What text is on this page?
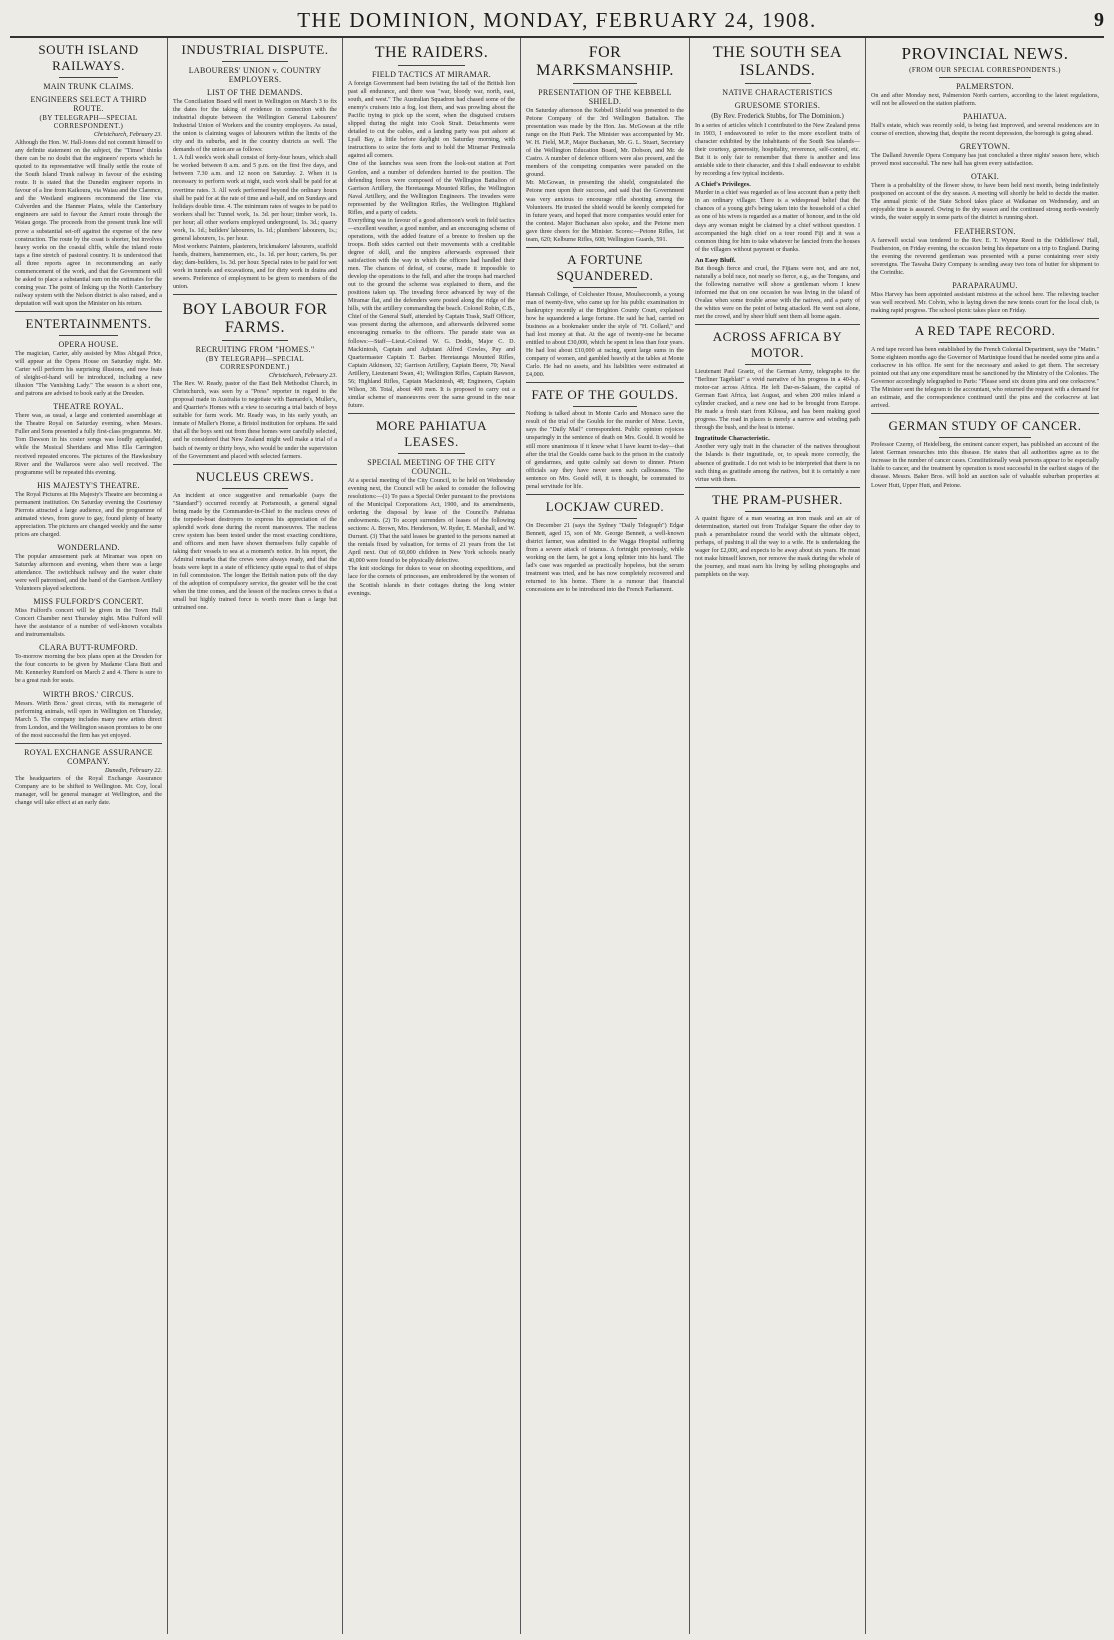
THE DOMINION, MONDAY, FEBRUARY 24, 1908.	9
SOUTH ISLAND RAILWAYS.
MAIN TRUNK CLAIMS.
ENGINEERS SELECT A THIRD ROUTE.
(BY TELEGRAPH—SPECIAL CORRESPONDENT.)
Christchurch, February 23.

Although the Hon. W. Hall-Jones did not commit himself to any definite statement on the subject, the "Times" thinks there can be no doubt that the engineers' reports which he quoted to its representative will finally settle the route of the South Island Trunk railway in favour of the existing route. It is stated that the Dunedin engineer reports in favour of a line from Kaikoura, via Waiau and the Clarence, and the Westland engineers recommend the line via Culverden and the Hanmer Plains, while the Canterbury engineers are said to favour the Amuri route through the Waiau gorge. The proceeds from the present trunk line will prove a substantial set-off against the expense of the new construction. The route by the coast is shorter, but involves heavy works on the coastal cliffs, while the inland route taps a fine stretch of pastoral country. It is understood that all three reports agree in recommending an early commencement of the work, and that the Government will be asked to place a substantial sum on the estimates for the coming year. The point of linking up the North Canterbury railway system with the Nelson district is also raised, and a deputation will wait upon the Minister on his return.

ENTERTAINMENTS.
OPERA HOUSE.

The magician, Carter, ably assisted by Miss Abigail Price, will appear at the Opera House on Saturday night. Mr. Carter will perform his surprising illusions, and new feats of sleight-of-hand will be introduced, including a new illusion "The Vanishing Lady." The season is a short one, and patrons are advised to book early at the Dresden.

THEATRE ROYAL.

There was, as usual, a large and contented assemblage at the Theatre Royal on Saturday evening, when Messrs. Fuller and Sons presented a fully first-class programme. Mr. Tom Dawson in his coster songs was loudly applauded, while the Musical Sheridans and Miss Ella Carrington received repeated encores. The pictures of the Hawkesbury River and the Wallaroos were also well received. The programme will be repeated this evening.

HIS MAJESTY'S THEATRE.

The Royal Pictures at His Majesty's Theatre are becoming a permanent institution. On Saturday evening the Courtenay Pierrots attracted a large audience, and the programme of animated views, from grave to gay, found plenty of hearty appreciation. The pictures are changed weekly and the same prices are charged.

WONDERLAND.

The popular amusement park at Miramar was open on Saturday afternoon and evening, when there was a large attendance. The switchback railway and the water chute were well patronised, and the band of the Garrison Artillery Volunteers played selections.

MISS FULFORD'S CONCERT.

Miss Fulford's concert will be given in the Town Hall Concert Chamber next Thursday night. Miss Fulford will have the assistance of a number of well-known vocalists and instrumentalists.

CLARA BUTT-RUMFORD.

To-morrow morning the box plans open at the Dresden for the four concerts to be given by Madame Clara Butt and Mr. Kennerley Rumford on March 2 and 4. There is sure to be a great rush for seats.

WIRTH BROS.' CIRCUS.

Messrs. Wirth Bros.' great circus, with its menagerie of performing animals, will open in Wellington on Thursday, March 5. The company includes many new artists direct from London, and the Wellington season promises to be one of the most successful the firm has yet enjoyed.

ROYAL EXCHANGE ASSURANCE COMPANY.
Dunedin, February 22.

The headquarters of the Royal Exchange Assurance Company are to be shifted to Wellington. Mr. Coy, local manager, will be general manager at Wellington, and the change will take effect at an early date.

INDUSTRIAL DISPUTE.
LABOURERS' UNION v. COUNTRY EMPLOYERS.
LIST OF THE DEMANDS.

The Conciliation Board will meet in Wellington on March 3 to fix the dates for the taking of evidence in connection with the industrial dispute between the Wellington General Labourers' Industrial Union of Workers and the country employers. As usual, the union is claiming wages of labourers within the limits of the city and its suburbs, and in the country districts as well. The demands of the union are as follows:

1. A full week's work shall consist of forty-four hours, which shall be worked between 8 a.m. and 5 p.m. on the first five days, and between 7.30 a.m. and 12 noon on Saturday. 2. When it is necessary to perform work at night, such work shall be paid for at overtime rates. 3. All work performed beyond the ordinary hours shall be paid for at the rate of time and a-half, and on Sundays and holidays double time. 4. The minimum rates of wages to be paid to workers shall be: Tunnel work, 1s. 3d. per hour; timber work, 1s. per hour; all other workers employed underground, 1s. 3d.; quarry work, 1s. 1d.; builders' labourers, 1s. 1d.; plumbers' labourers, 1s.; general labourers, 1s. per hour.

Most workers: Painters, plasterers, brickmakers' labourers, scaffold hands, drainers, hammermen, etc., 1s. 1d. per hour; carters, 9s. per day; dam-builders, 1s. 3d. per hour. Special rates to be paid for wet work in tunnels and excavations, and for dirty work in drains and sewers. Preference of employment to be given to members of the union.

BOY LABOUR FOR FARMS.
RECRUITING FROM "HOMES."
(BY TELEGRAPH—SPECIAL CORRESPONDENT.)
Christchurch, February 23.

The Rev. W. Ready, pastor of the East Belt Methodist Church, in Christchurch, was seen by a "Press" reporter in regard to the proposal made in Australia to negotiate with Barnardo's, Muller's, and Quarrier's Homes with a view to securing a trial batch of boys suitable for farm work. Mr. Ready was, in his early youth, an inmate of Muller's Home, a Bristol institution for orphans. He said that all the boys sent out from these homes were carefully selected, and he considered that New Zealand might well make a trial of a batch of twenty or thirty boys, who would be under the supervision of the Government and placed with selected farmers.

NUCLEUS CREWS.

An incident at once suggestive and remarkable (says the "Standard") occurred recently at Portsmouth, a general signal being made by the Commander-in-Chief to the nucleus crews of the torpedo-boat destroyers to express his appreciation of the splendid work done during the recent manoeuvres. The nucleus crew system has been tested under the most exacting conditions, and officers and men have shown themselves fully capable of taking their vessels to sea at a moment's notice. In his report, the Admiral remarks that the crews were always ready, and that the boats were kept in a state of efficiency quite equal to that of ships in full commission. The longer the British nation puts off the day of the adoption of compulsory service, the greater will be the cost when the time comes, and the lesson of the nucleus crews is that a small but highly trained force is worth more than a large but untrained one.

THE RAIDERS.
FIELD TACTICS AT MIRAMAR.

A foreign Government had been twisting the tail of the British lion past all endurance, and there was "war, bloody war, north, east, south, and west." The Australian Squadron had chased some of the enemy's cruisers into a fog, lost them, and was prowling about the Pacific trying to pick up the scent, when the disguised cruisers slipped during the night into Cook Strait. Detachments were detailed to cut the cables, and a landing party was put ashore at Lyall Bay, a little before daylight on Saturday morning, with instructions to seize the forts and to hold the Miramar Peninsula against all comers.

One of the launches was seen from the look-out station at Fort Gordon, and a number of defenders hurried to the position. The defending forces were composed of the Wellington Battalion of Garrison Artillery, the Heretaunga Mounted Rifles, the Wellington Naval Artillery, and the Wellington Engineers. The invaders were represented by the Wellington Rifles, the Wellington Highland Rifles, and a party of cadets.

Everything was in favour of a good afternoon's work in field tactics—excellent weather, a good number, and an encouraging scheme of operations, with the added feature of a breeze to freshen up the troops. Both sides carried out their movements with a creditable degree of skill, and the umpires afterwards expressed their satisfaction with the way in which the officers had handled their men. The chances of defeat, of course, made it impossible to develop the operations to the full, and after the troops had marched out to the ground the scheme was explained to them, and the positions taken up. The invading force advanced by way of the Miramar flat, and the defenders were posted along the ridge of the hills, with the artillery commanding the beach. Colonel Robin, C.B., Chief of the General Staff, attended by Captain Trask, Staff Officer, was present during the afternoon, and afterwards delivered some encouraging remarks to the officers. The parade state was as follows:—Staff—Lieut.-Colonel W. G. Dodds, Major C. D. Mackintosh, Captain and Adjutant Alfred Cowles, Pay and Quartermaster Captain T. Barber. Heretaunga Mounted Rifles, Captain Atkinson, 32; Garrison Artillery, Captain Beere, 70; Naval Artillery, Lieutenant Swan, 41; Wellington Rifles, Captain Rawson, 56; Highland Rifles, Captain Mackintosh, 48; Engineers, Captain Wilson, 38. Total, about 400 men. It is proposed to carry out a similar scheme of manoeuvres over the same ground in the near future.

MORE PAHIATUA LEASES.
SPECIAL MEETING OF THE CITY COUNCIL.

At a special meeting of the City Council, to be held on Wednesday evening next, the Council will be asked to consider the following resolutions:—(1) To pass a Special Order pursuant to the provisions of the Municipal Corporations Act, 1900, and its amendments, ordering the disposal by lease of the Council's Pahiatua endowments. (2) To accept surrenders of leases of the following sections: A. Brown, Mrs. Henderson, W. Ryder, E. Marshall, and W. Durrant. (3) That the said leases be granted to the persons named at the rentals fixed by valuation, for terms of 21 years from the 1st April next. Out of 60,000 children in New York schools nearly 40,000 were found to be physically defective.

The knit stockings for dukes to wear on shooting expeditions, and lace for the cornets of princesses, are embroidered by the women of the Scottish islands in their cottages during the long winter evenings.

FOR MARKSMANSHIP.
PRESENTATION OF THE KEBBELL SHIELD.

On Saturday afternoon the Kebbell Shield was presented to the Petone Company of the 3rd Wellington Battalion. The presentation was made by the Hon. Jas. McGowan at the rifle range on the Hutt Park. The Minister was accompanied by Mr. W. H. Field, M.P., Major Buchanan, Mr. G. L. Stuart, Secretary of the Wellington Education Board, Mr. Dobson, and Mr. de Castro. A number of defence officers were also present, and the members of the competing companies were paraded on the ground.

Mr. McGowan, in presenting the shield, congratulated the Petone men upon their success, and said that the Government was very anxious to encourage rifle shooting among the Volunteers. He trusted the shield would be keenly competed for in future years, and hoped that more companies would enter for the contest. Major Buchanan also spoke, and the Petone men gave three cheers for the Minister. Scores:—Petone Rifles, 1st team, 620; Kelburne Rifles, 608; Wellington Guards, 591.

A FORTUNE SQUANDERED.

Hannah Collinge, of Colchester House, Moulsecoomb, a young man of twenty-five, who came up for his public examination in bankruptcy recently at the Brighton County Court, explained how he squandered a large fortune. He said he had, carried on business as a bookmaker under the style of "H. Collard," and had lost money at that. At the age of twenty-one he became entitled to about £30,000, which he spent in less than four years. He had lost about £10,000 at racing, spent large sums in the company of women, and gambled heavily at the tables at Monte Carlo. He had no assets, and his liabilities were estimated at £4,000.

FATE OF THE GOULDS.

Nothing is talked about in Monte Carlo and Monaco save the result of the trial of the Goulds for the murder of Mme. Levin, says the "Daily Mail" correspondent. Public opinion rejoices unsparingly in the sentence of death on Mrs. Gould. It would be still more unanimous if it knew what I have learnt to-day—that after the trial the Goulds came back to the prison in the custody of gendarmes, and quite calmly sat down to dinner. Prison officials say they have never seen such callousness. The sentence on Mrs. Gould will, it is thought, be commuted to penal servitude for life.

LOCKJAW CURED.

On December 21 (says the Sydney "Daily Telegraph") Edgar Bennett, aged 15, son of Mr. George Bennett, a well-known district farmer, was admitted to the Wagga Hospital suffering from a severe attack of tetanus. A fortnight previously, while working on the farm, he got a long splinter into his hand. The lad's case was regarded as practically hopeless, but the serum treatment was tried, and he has now completely recovered and returned to his home. There is a rumour that financial concessions are to be introduced into the French Parliament.

THE SOUTH SEA ISLANDS.
NATIVE CHARACTERISTICS
GRUESOME STORIES.
(By Rev. Frederick Stubbs, for The Dominion.)

In a series of articles which I contributed to the New Zealand press in 1903, I endeavoured to refer to the more excellent traits of character exhibited by the inhabitants of the South Sea islands—their courtesy, generosity, hospitality, reverence, self-control, etc. But it is only fair to remember that there is another and less amiable side to their character, and this I shall endeavour to exhibit by recording a few typical incidents.

A Chief's Privileges.

Murder in a chief was regarded as of less account than a petty theft in an ordinary villager. There is a widespread belief that the chances of a young girl's being taken into the household of a chief as one of his wives is regarded as a matter of honour, and in the old days any woman might be claimed by a chief without question. I accompanied the high chief on a tour round Fiji and it was a common thing for him to take whatever he fancied from the houses of the villagers without payment or thanks.

An Easy Bluff.

But though fierce and cruel, the Fijians were not, and are not, naturally a bold race, not nearly so fierce, e.g., as the Tongans, and the following narrative will show a gentleman whom I knew informed me that on one occasion he was living in the island of Ovalau when some trouble arose with the natives, and a party of the whites were on the point of being attacked. He went out alone, met the crowd, and by sheer bluff sent them all home again.

ACROSS AFRICA BY MOTOR.

Lieutenant Paul Graetz, of the German Army, telegraphs to the "Berliner Tageblatt" a vivid narrative of his progress in a 40-h.p. motor-car across Africa. He left Dar-es-Salaam, the capital of German East Africa, last August, and when 200 miles inland a cylinder cracked, and a new one had to be brought from Europe. He made a fresh start from Kilossa, and has been making good progress. The road in places is merely a narrow and winding path through the bush, and the heat is intense.

Ingratitude Characteristic.

Another very ugly trait in the character of the natives throughout the Islands is their ingratitude, or, to speak more correctly, the absence of gratitude. I do not wish to be interpreted that there is no such thing as gratitude among the natives, but it is certainly a rare virtue with them.

THE PRAM-PUSHER.

A quaint figure of a man wearing an iron mask and an air of determination, started out from Trafalgar Square the other day to push a perambulator round the world with the ultimate object, perhaps, of pushing it all the way to a wife. He is undertaking the wager for £2,000, and expects to be away about six years. He must not make himself known, nor remove the mask during the whole of the journey, and must earn his living by selling photographs and pamphlets on the way.

PROVINCIAL NEWS.
(FROM OUR SPECIAL CORRESPONDENTS.)
PALMERSTON.

On and after Monday next, Palmerston North carriers, according to the latest regulations, will not be allowed on the station platform.

PAHIATUA.

Hall's estate, which was recently sold, is being fast improved, and several residences are in course of erection, showing that, despite the recent depression, the borough is going ahead.

GREYTOWN.

The Dalland Juvenile Opera Company has just concluded a three nights' season here, which proved most successful. The new hall has given every satisfaction.

OTAKI.

There is a probability of the flower show, to have been held next month, being indefinitely postponed on account of the dry season. A meeting will shortly be held to decide the matter. The annual picnic of the State School takes place at Waikanae on Wednesday, and an enjoyable time is assured. Owing to the dry season and the continued strong north-westerly winds, the water supply in some parts of the district is running short.

FEATHERSTON.

A farewell social was tendered to the Rev. E. T. Wynne Reed in the Oddfellows' Hall, Featherston, on Friday evening, the occasion being his departure on a trip to England. During the evening the reverend gentleman was presented with a purse containing over sixty sovereigns. The Tawaha Dairy Company is sending away two tons of butter for shipment to the Corinthic.

PARAPARAUMU.

Miss Harvey has been appointed assistant mistress at the school here. The relieving teacher was well received. Mr. Colvin, who is laying down the new tennis court for the local club, is making rapid progress. The school picnic takes place on Friday.

A RED TAPE RECORD.

A red tape record has been established by the French Colonial Department, says the "Matin." Some eighteen months ago the Governor of Martinique found that he needed some pins and a corkscrew in his office. He sent for the necessary and asked to get them. The secretary pointed out that any one expenditure must be sanctioned by the Ministry of the Colonies. The Governor accordingly telegraphed to Paris: "Please send six dozen pins and one corkscrew." The Minister sent the telegram to the accountant, who returned the request with a demand for an estimate, and the correspondence continued until the pins and the corkscrew at last arrived.

GERMAN STUDY OF CANCER.

Professor Czerny, of Heidelberg, the eminent cancer expert, has published an account of the latest German researches into this disease. He states that all authorities agree as to the increase in the number of cancer cases. Constitutionally weak persons appear to be especially liable to cancer, and the treatment by operation is most successful in the earliest stages of the disease. Messrs. Baker Bros. will hold an auction sale of valuable suburban properties at Lower Hutt, Upper Hutt, and Petone.
